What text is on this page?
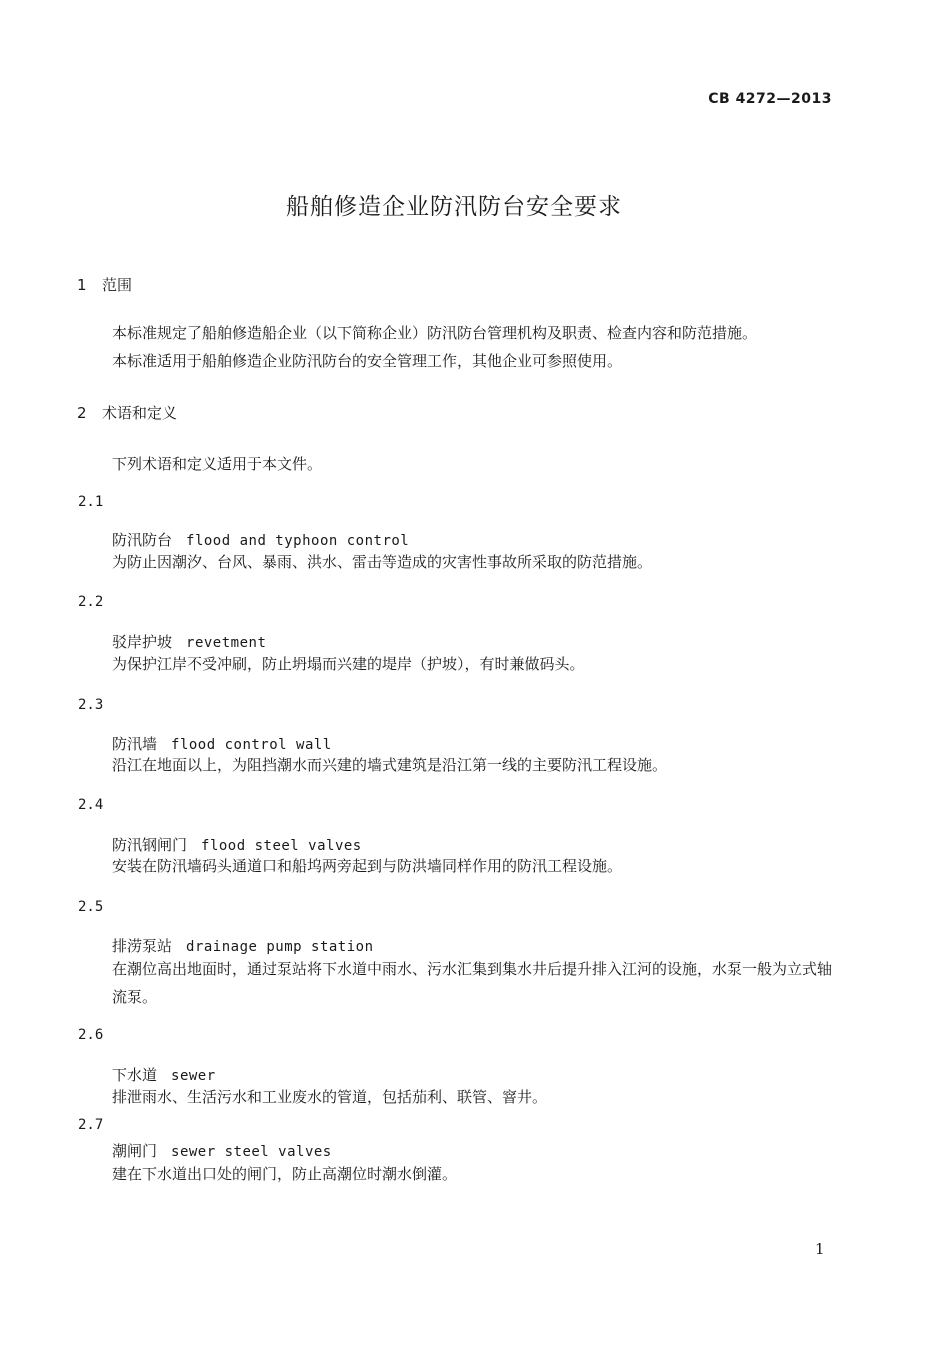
CB 4272—2013
船舶修造企业防汛防台安全要求
1 范围
本标准规定了船舶修造船企业（以下简称企业）防汛防台管理机构及职责、检查内容和防范措施。
本标准适用于船舶修造企业防汛防台的安全管理工作，其他企业可参照使用。
2 术语和定义
下列术语和定义适用于本文件。
2.1
防汛防台 flood and typhoon control
为防止因潮汐、台风、暴雨、洪水、雷击等造成的灾害性事故所采取的防范措施。
2.2
驳岸护坡 revetment
为保护江岸不受冲刷，防止坍塌而兴建的堤岸（护坡），有时兼做码头。
2.3
防汛墙 flood control wall
沿江在地面以上，为阻挡潮水而兴建的墙式建筑是沿江第一线的主要防汛工程设施。
2.4
防汛钢闸门 flood steel valves
安装在防汛墙码头通道口和船坞两旁起到与防洪墙同样作用的防汛工程设施。
2.5
排涝泵站 drainage pump station
在潮位高出地面时，通过泵站将下水道中雨水、污水汇集到集水井后提升排入江河的设施，水泵一般为立式轴流泵。
2.6
下水道 sewer
排泄雨水、生活污水和工业废水的管道，包括茄利、联管、窨井。
2.7
潮闸门 sewer steel valves
建在下水道出口处的闸门，防止高潮位时潮水倒灌。
1
